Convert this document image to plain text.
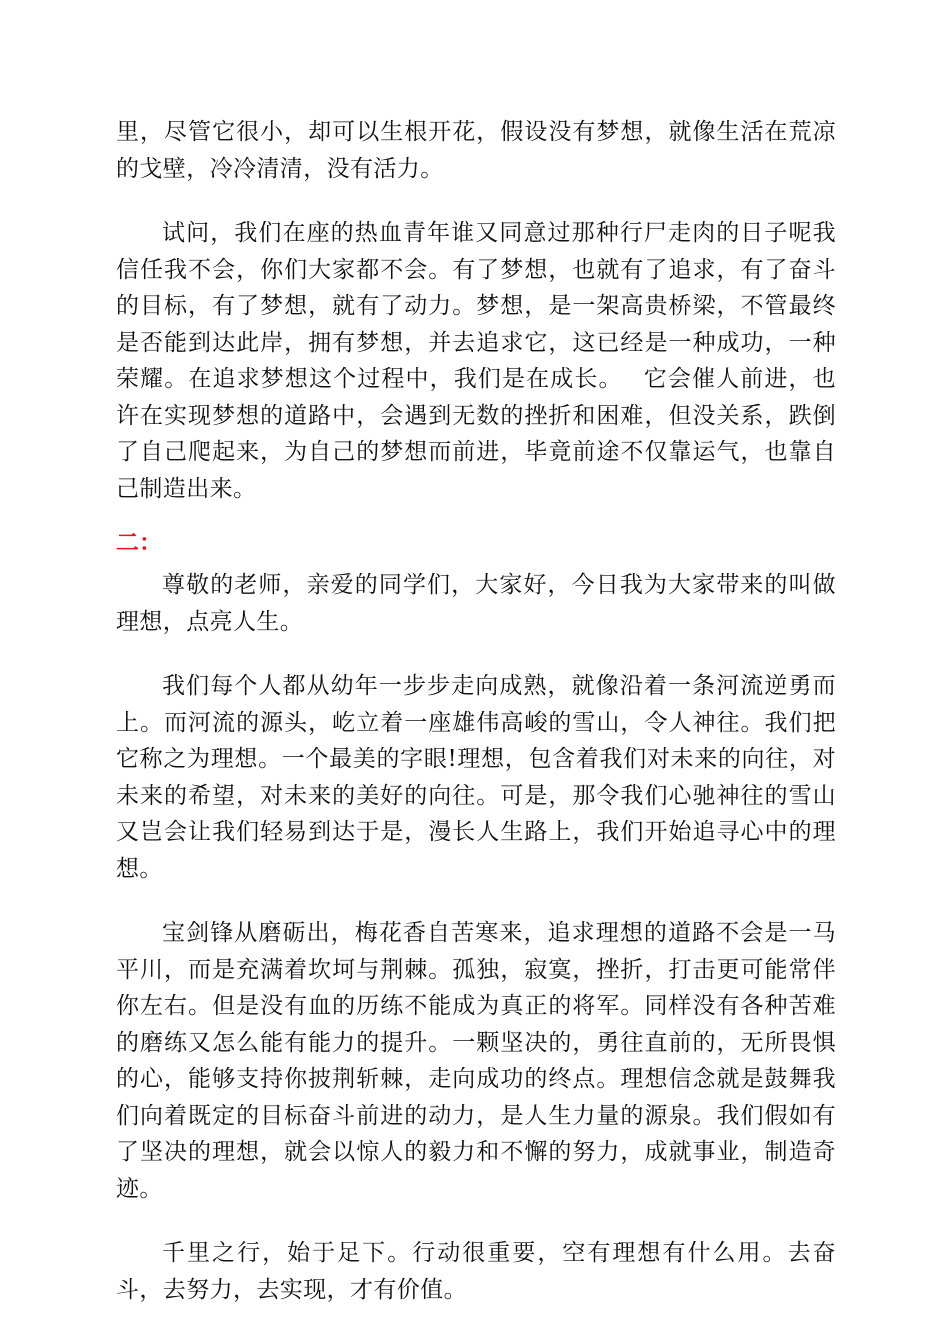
里，尽管它很小，却可以生根开花，假设没有梦想，就像生活在荒凉的戈壁，冷冷清清，没有活力。

试问，我们在座的热血青年谁又同意过那种行尸走肉的日子呢我信任我不会，你们大家都不会。有了梦想，也就有了追求，有了奋斗的目标，有了梦想，就有了动力。梦想，是一架高贵桥梁，不管最终是否能到达此岸，拥有梦想，并去追求它，这已经是一种成功，一种荣耀。在追求梦想这个过程中，我们是在成长。　 它会催人前进，也许在实现梦想的道路中，会遇到无数的挫折和困难，但没关系，跌倒了自己爬起来，为自己的梦想而前进，毕竟前途不仅靠运气，也靠自己制造出来。

二：

尊敬的老师，亲爱的同学们，大家好，今日我为大家带来的叫做理想，点亮人生。

我们每个人都从幼年一步步走向成熟，就像沿着一条河流逆勇而上。而河流的源头，屹立着一座雄伟高峻的雪山，令人神往。我们把它称之为理想。一个最美的字眼!理想，包含着我们对未来的向往，对未来的希望，对未来的美好的向往。可是，那令我们心驰神往的雪山又岂会让我们轻易到达于是，漫长人生路上，我们开始追寻心中的理想。

宝剑锋从磨砺出，梅花香自苦寒来，追求理想的道路不会是一马平川，而是充满着坎坷与荆棘。孤独，寂寞，挫折，打击更可能常伴你左右。但是没有血的历练不能成为真正的将军。同样没有各种苦难的磨练又怎么能有能力的提升。一颗坚决的，勇往直前的，无所畏惧的心，能够支持你披荆斩棘，走向成功的终点。理想信念就是鼓舞我们向着既定的目标奋斗前进的动力，是人生力量的源泉。我们假如有了坚决的理想，就会以惊人的毅力和不懈的努力，成就事业，制造奇迹。

千里之行，始于足下。行动很重要，空有理想有什么用。去奋斗，去努力，去实现，才有价值。
